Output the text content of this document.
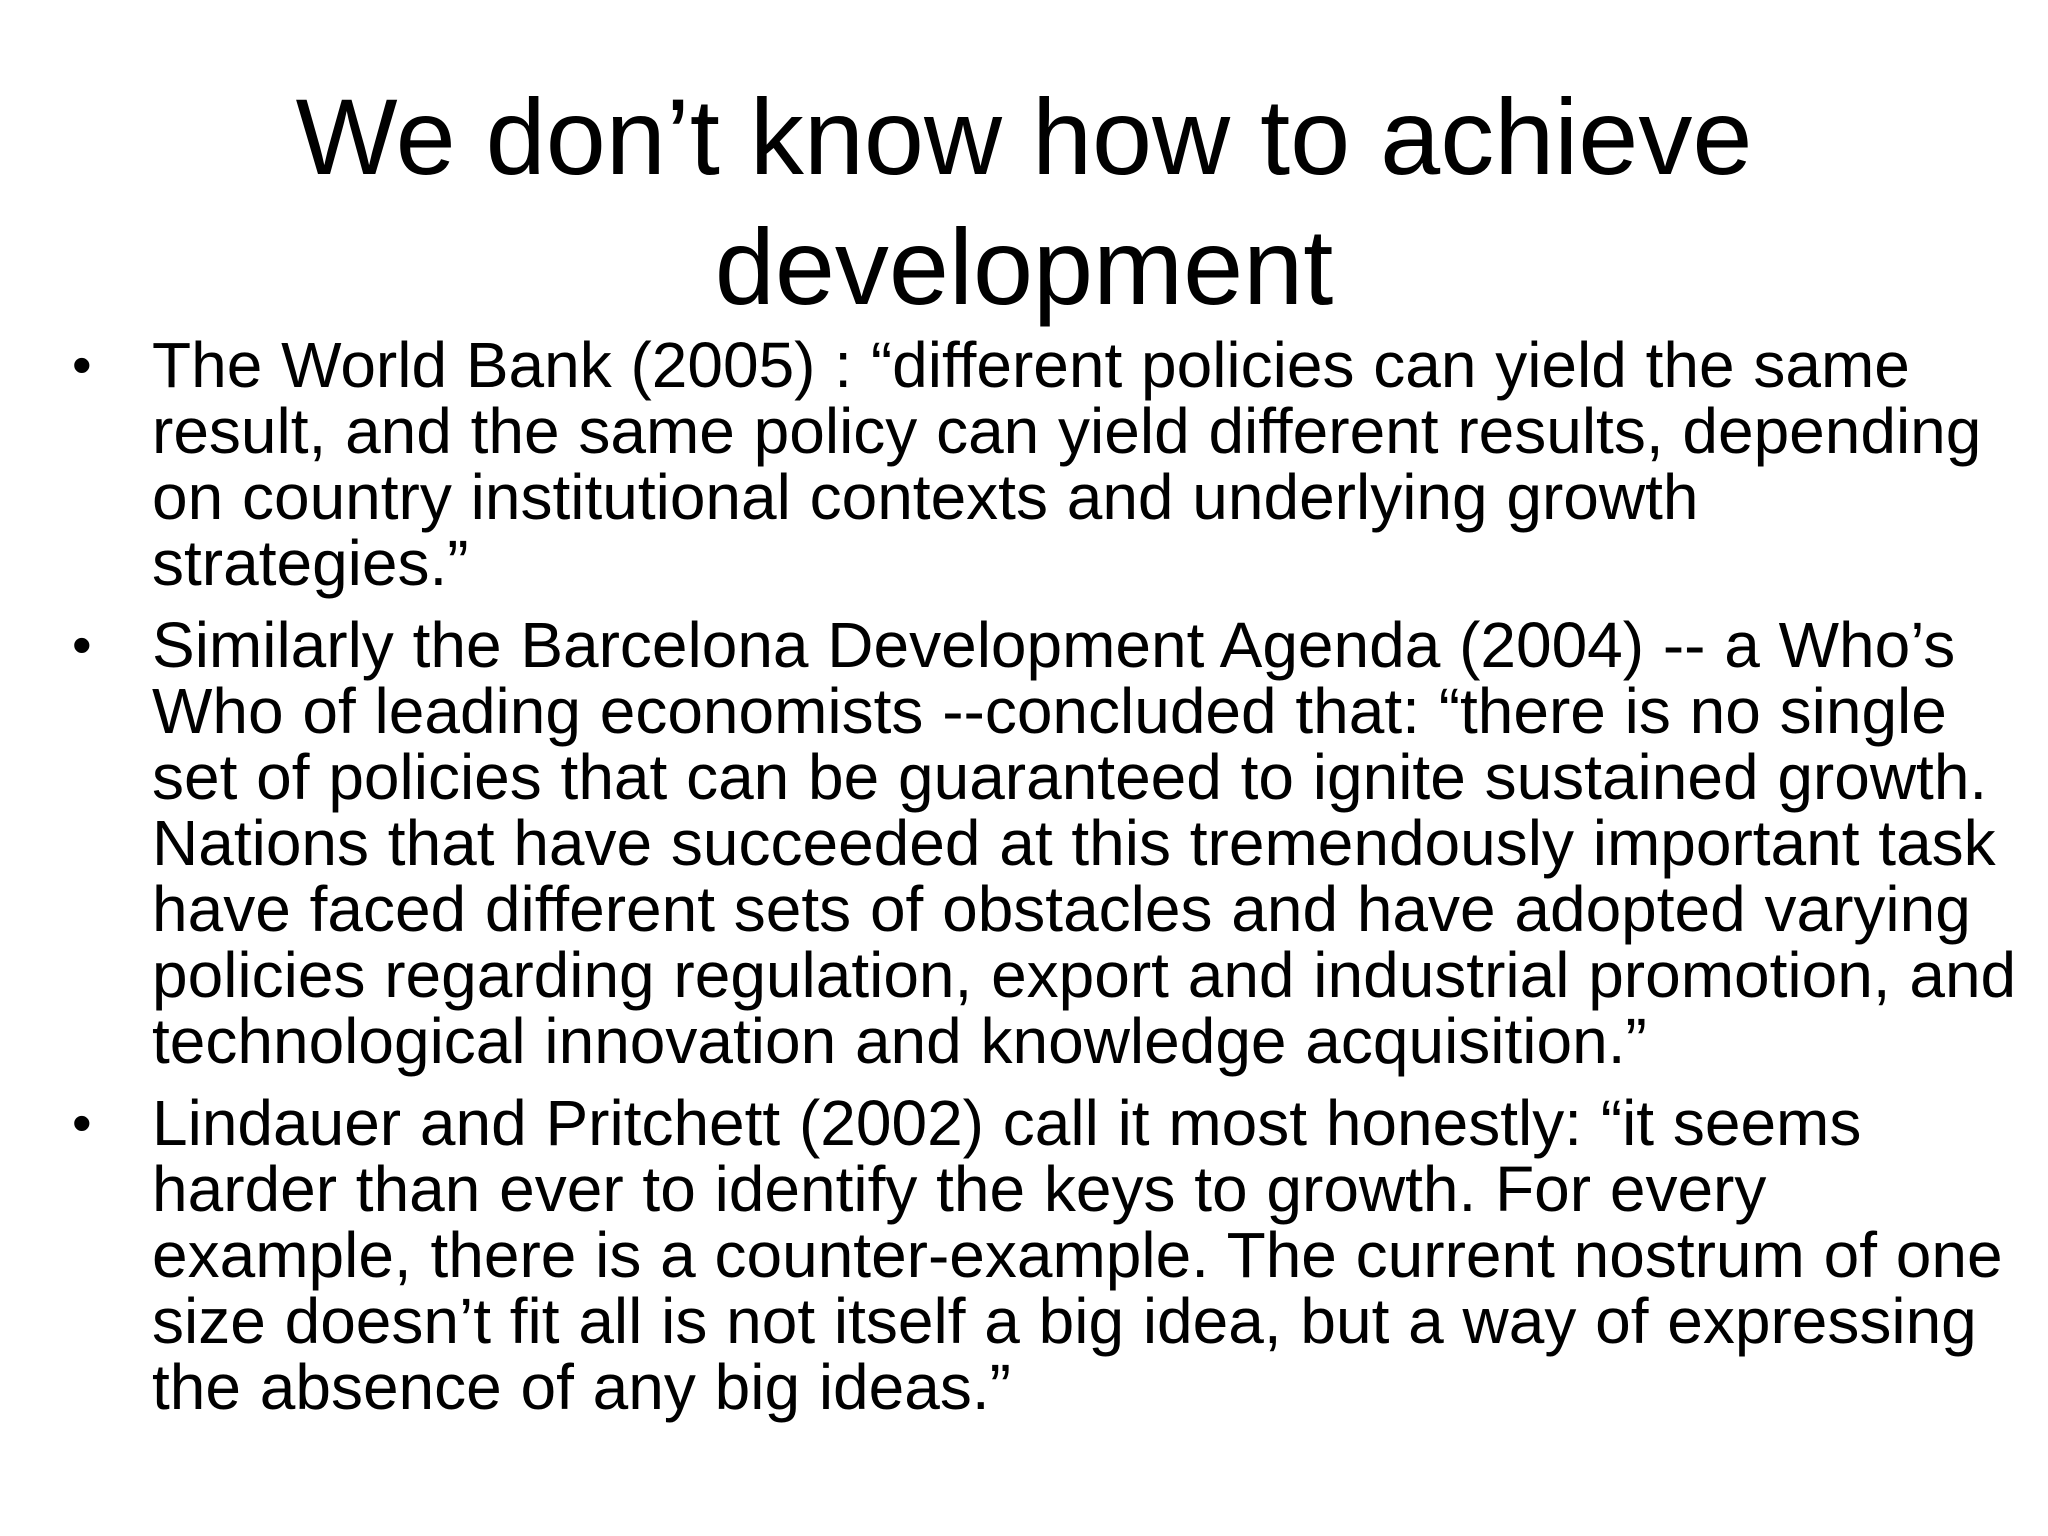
We don’t know how to achieve development
• The World Bank (2005) : “different policies can yield the same result, and the same policy can yield different results, depending on country institutional contexts and underlying growth strategies.”
• Similarly the Barcelona Development Agenda (2004) -- a Who’s Who of leading economists --concluded that: “there is no single set of policies that can be guaranteed to ignite sustained growth. Nations that have succeeded at this tremendously important task have faced different sets of obstacles and have adopted varying policies regarding regulation, export and industrial promotion, and technological innovation and knowledge acquisition.”
• Lindauer and Pritchett (2002) call it most honestly: “it seems harder than ever to identify the keys to growth. For every example, there is a counter-example. The current nostrum of one size doesn’t fit all is not itself a big idea, but a way of expressing the absence of any big ideas.”
